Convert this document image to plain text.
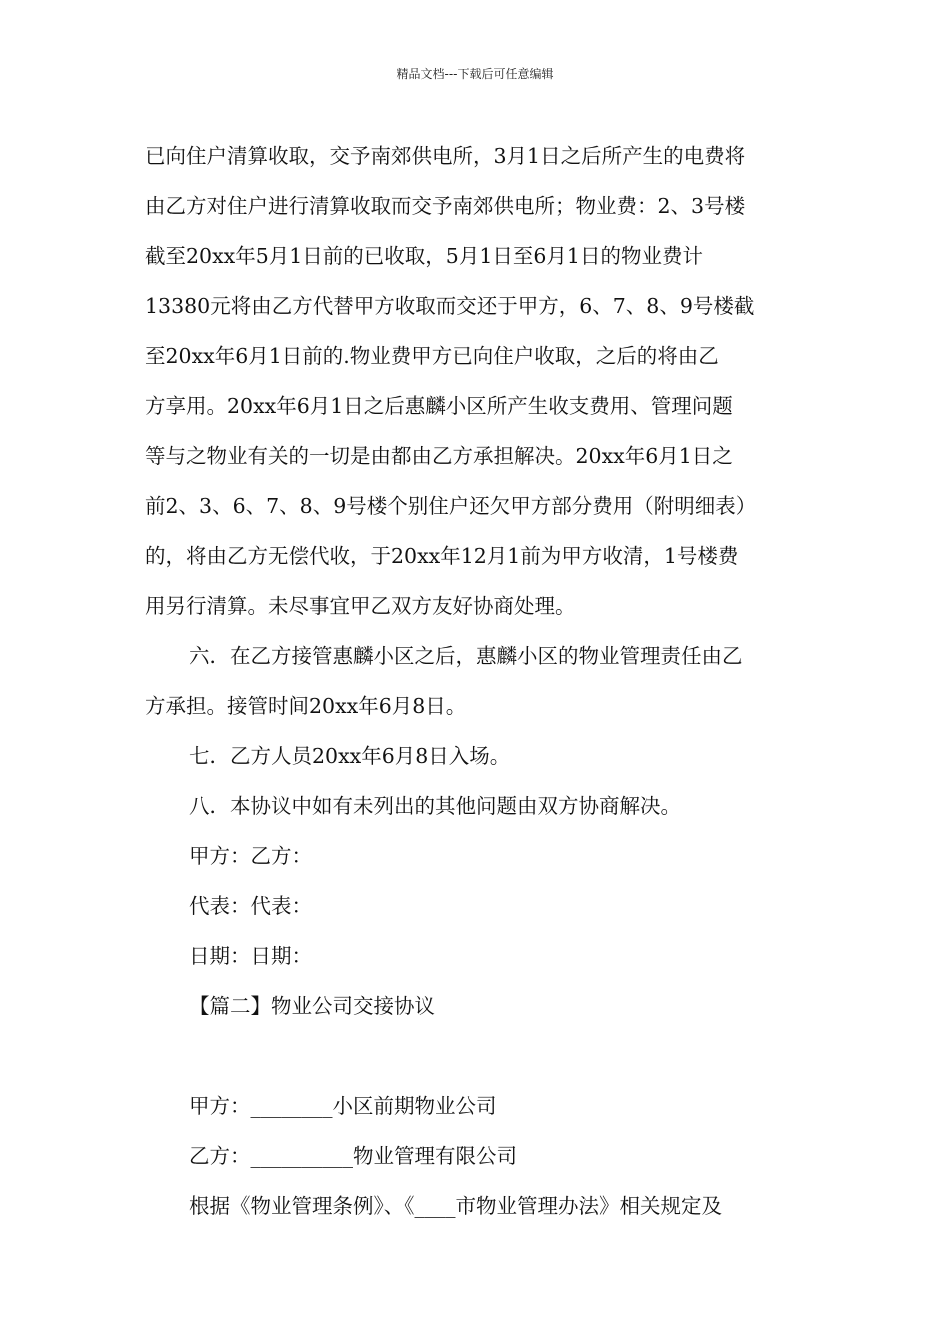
精品文档---下载后可任意编辑
已向住户清算收取，交予南郊供电所，3月1日之后所产生的电费将
由乙方对住户进行清算收取而交予南郊供电所；物业费：2、3号楼
截至20xx年5月1日前的已收取，5月1日至6月1日的物业费计
13380元将由乙方代替甲方收取而交还于甲方，6、7、8、9号楼截
至20xx年6月1日前的.物业费甲方已向住户收取，之后的将由乙
方享用。20xx年6月1日之后惠麟小区所产生收支费用、管理问题
等与之物业有关的一切是由都由乙方承担解决。20xx年6月1日之
前2、3、6、7、8、9号楼个别住户还欠甲方部分费用（附明细表）
的，将由乙方无偿代收，于20xx年12月1前为甲方收清，1号楼费
用另行清算。未尽事宜甲乙双方友好协商处理。
六．在乙方接管惠麟小区之后，惠麟小区的物业管理责任由乙
方承担。接管时间20xx年6月8日。
七．乙方人员20xx年6月8日入场。
八．本协议中如有未列出的其他问题由双方协商解决。
甲方：乙方：
代表：代表：
日期：日期：
【篇二】物业公司交接协议
甲方：________小区前期物业公司
乙方：__________物业管理有限公司
根据《物业管理条例》、《____市物业管理办法》相关规定及
